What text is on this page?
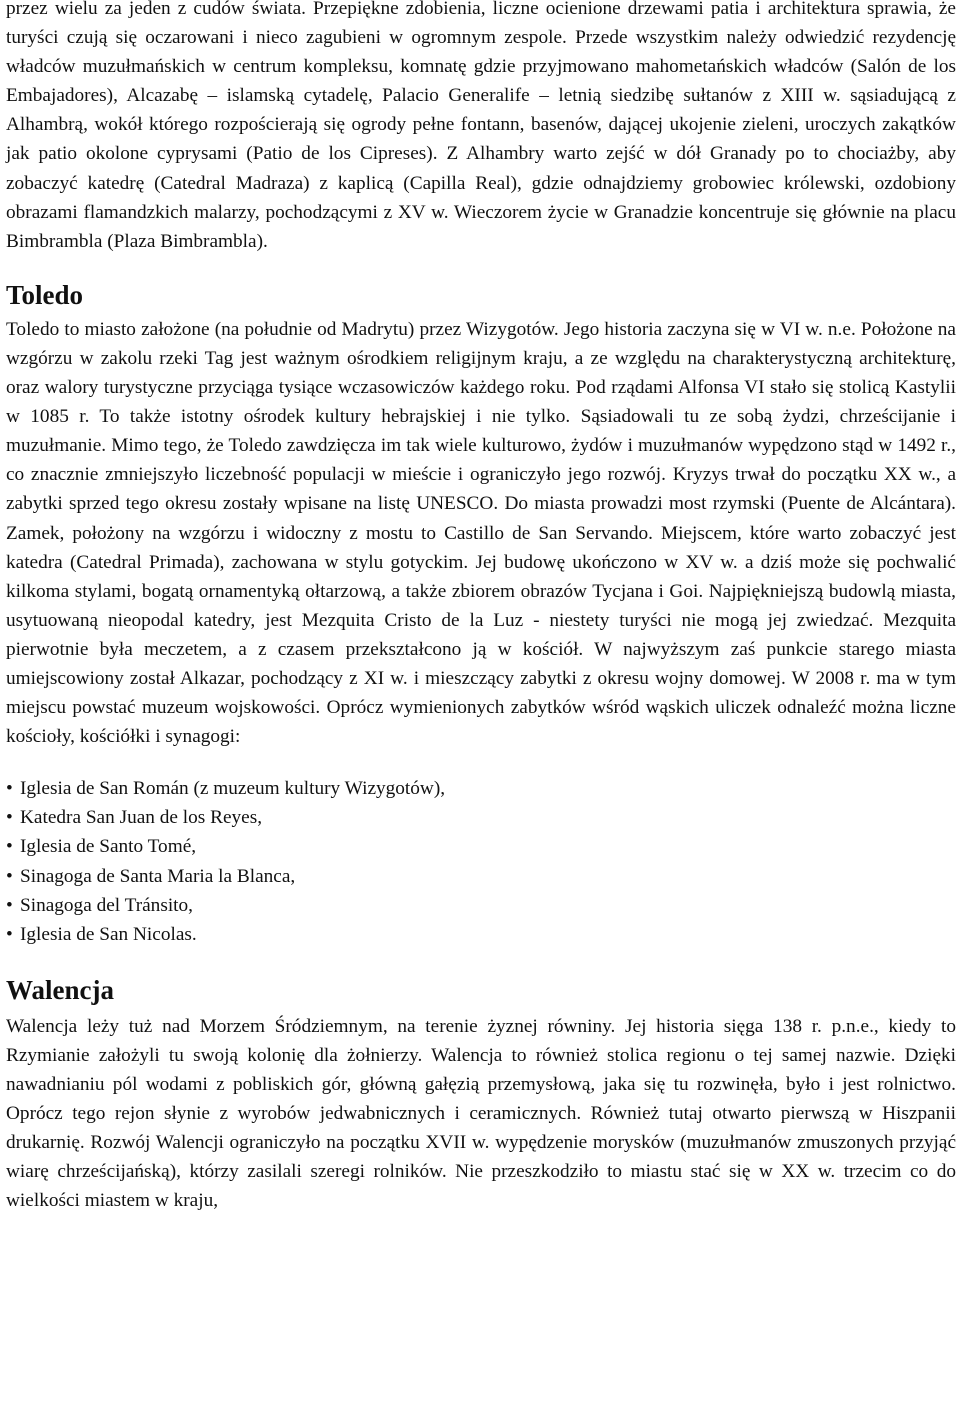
przez wielu za jeden z cudów świata. Przepiękne zdobienia, liczne ocienione drzewami patia i architektura sprawia, że turyści czują się oczarowani i nieco zagubieni w ogromnym zespole. Przede wszystkim należy odwiedzić rezydencję władców muzułmańskich w centrum kompleksu, komnatę gdzie przyjmowano mahometańskich władców (Salón de los Embajadores), Alcazabę – islamską cytadelę, Palacio Generalife – letnią siedzibę sułtanów z XIII w. sąsiadującą z Alhambrą, wokół którego rozpościerają się ogrody pełne fontann, basenów, dającej ukojenie zieleni, uroczych zakątków jak patio okolone cyprysami (Patio de los Cipreses). Z Alhambry warto zejść w dół Granady po to chociażby, aby zobaczyć katedrę (Catedral Madraza) z kaplicą (Capilla Real), gdzie odnajdziemy grobowiec królewski, ozdobiony obrazami flamandzkich malarzy, pochodzącymi z XV w. Wieczorem życie w Granadzie koncentruje się głównie na placu Bimbrambla (Plaza Bimbrambla).

Toledo

Toledo to miasto założone (na południe od Madrytu) przez Wizygotów. Jego historia zaczyna się w VI w. n.e. Położone na wzgórzu w zakolu rzeki Tag jest ważnym ośrodkiem religijnym kraju, a ze względu na charakterystyczną architekturę, oraz walory turystyczne przyciąga tysiące wczasowiczów każdego roku. Pod rządami Alfonsa VI stało się stolicą Kastylii w 1085 r. To także istotny ośrodek kultury hebrajskiej i nie tylko. Sąsiadowali tu ze sobą żydzi, chrześcijanie i muzułmanie. Mimo tego, że Toledo zawdzięcza im tak wiele kulturowo, żydów i muzułmanów wypędzono stąd w 1492 r., co znacznie zmniejszyło liczebność populacji w mieście i ograniczyło jego rozwój. Kryzys trwał do początku XX w., a zabytki sprzed tego okresu zostały wpisane na listę UNESCO. Do miasta prowadzi most rzymski (Puente de Alcántara). Zamek, położony na wzgórzu i widoczny z mostu to Castillo de San Servando. Miejscem, które warto zobaczyć jest katedra (Catedral Primada), zachowana w stylu gotyckim. Jej budowę ukończono w XV w. a dziś może się pochwalić kilkoma stylami, bogatą ornamentyką ołtarzową, a także zbiorem obrazów Tycjana i Goi. Najpiękniejszą budowlą miasta, usytuowaną nieopodal katedry, jest Mezquita Cristo de la Luz - niestety turyści nie mogą jej zwiedzać. Mezquita pierwotnie była meczetem, a z czasem przekształcono ją w kościół. W najwyższym zaś punkcie starego miasta umiejscowiony został Alkazar, pochodzący z XI w. i mieszczący zabytki z okresu wojny domowej. W 2008 r. ma w tym miejscu powstać muzeum wojskowości. Oprócz wymienionych zabytków wśród wąskich uliczek odnaleźć można liczne kościoły, kościółki i synagogi:

• Iglesia de San Román (z muzeum kultury Wizygotów),
• Katedra San Juan de los Reyes,
• Iglesia de Santo Tomé,
• Sinagoga de Santa Maria la Blanca,
• Sinagoga del Tránsito,
• Iglesia de San Nicolas.
Walencja

Walencja leży tuż nad Morzem Śródziemnym, na terenie żyznej równiny. Jej historia sięga 138 r. p.n.e., kiedy to Rzymianie założyli tu swoją kolonię dla żołnierzy. Walencja to również stolica regionu o tej samej nazwie. Dzięki nawadnianiu pól wodami z pobliskich gór, główną gałęzią przemysłową, jaka się tu rozwinęła, było i jest rolnictwo. Oprócz tego rejon słynie z wyrobów jedwabnicznych i ceramicznych. Również tutaj otwarto pierwszą w Hiszpanii drukarnię. Rozwój Walencji ograniczyło na początku XVII w. wypędzenie morysków (muzułmanów zmuszonych przyjąć wiarę chrześcijańską), którzy zasilali szeregi rolników. Nie przeszkodziło to miastu stać się w XX w. trzecim co do wielkości miastem w kraju,
